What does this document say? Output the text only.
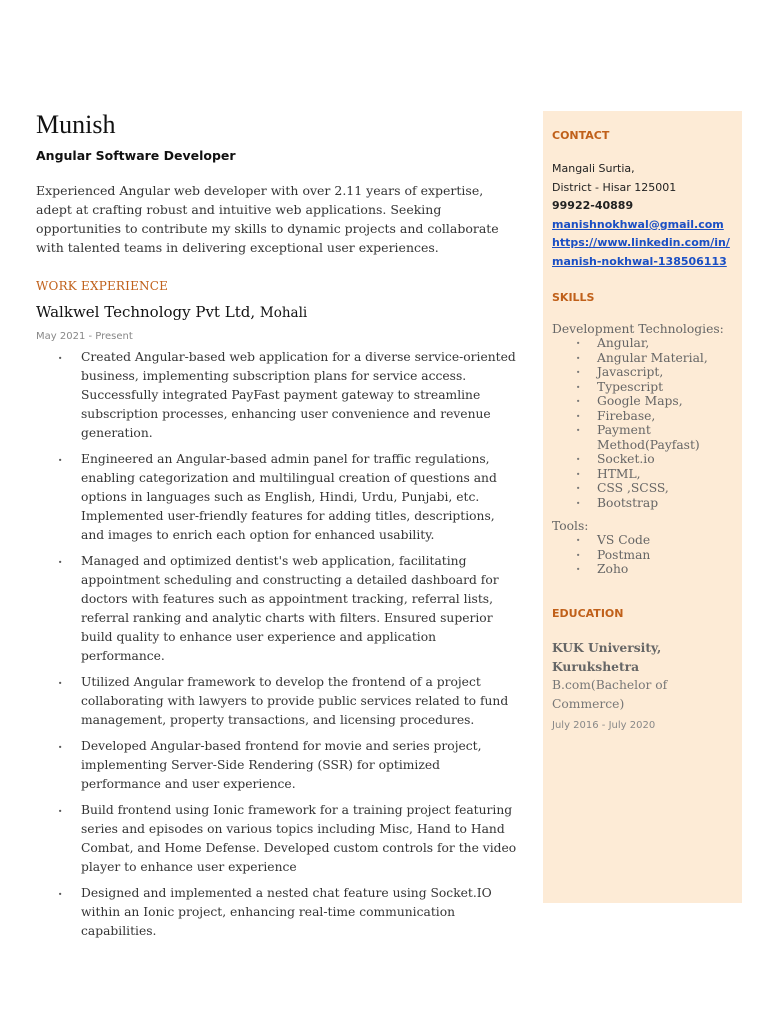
Munish
Angular Software Developer
Experienced Angular web developer with over 2.11 years of expertise, adept at crafting robust and intuitive web applications. Seeking opportunities to contribute my skills to dynamic projects and collaborate with talented teams in delivering exceptional user experiences.
WORK EXPERIENCE
Walkwel Technology Pvt Ltd, Mohali
May 2021 - Present
· Created Angular-based web application for a diverse service-oriented business, implementing subscription plans for service access. Successfully integrated PayFast payment gateway to streamline subscription processes, enhancing user convenience and revenue generation.
· Engineered an Angular-based admin panel for traffic regulations, enabling categorization and multilingual creation of questions and options in languages such as English, Hindi, Urdu, Punjabi, etc. Implemented user-friendly features for adding titles, descriptions, and images to enrich each option for enhanced usability.
· Managed and optimized dentist's web application, facilitating appointment scheduling and constructing a detailed dashboard for doctors with features such as appointment tracking, referral lists, referral ranking and analytic charts with filters. Ensured superior build quality to enhance user experience and application performance.
· Utilized Angular framework to develop the frontend of a project collaborating with lawyers to provide public services related to fund management, property transactions, and licensing procedures.
· Developed Angular-based frontend for movie and series project, implementing Server-Side Rendering (SSR) for optimized performance and user experience.
· Build frontend using Ionic framework for a training project featuring series and episodes on various topics including Misc, Hand to Hand Combat, and Home Defense. Developed custom controls for the video player to enhance user experience
· Designed and implemented a nested chat feature using Socket.IO within an Ionic project, enhancing real-time communication capabilities.
CONTACT
Mangali Surtia,
District - Hisar 125001
99922-40889
manishnokhwal@gmail.com
https://www.linkedin.com/in/manish-nokhwal-138506113
SKILLS
Development Technologies:
· Angular,
· Angular Material,
· Javascript,
· Typescript
· Google Maps,
· Firebase,
· Payment Method(Payfast)
· Socket.io
· HTML,
· CSS ,SCSS,
· Bootstrap
Tools:
· VS Code
· Postman
· Zoho
EDUCATION
KUK University, Kurukshetra
B.com(Bachelor of Commerce)
July 2016 - July 2020
